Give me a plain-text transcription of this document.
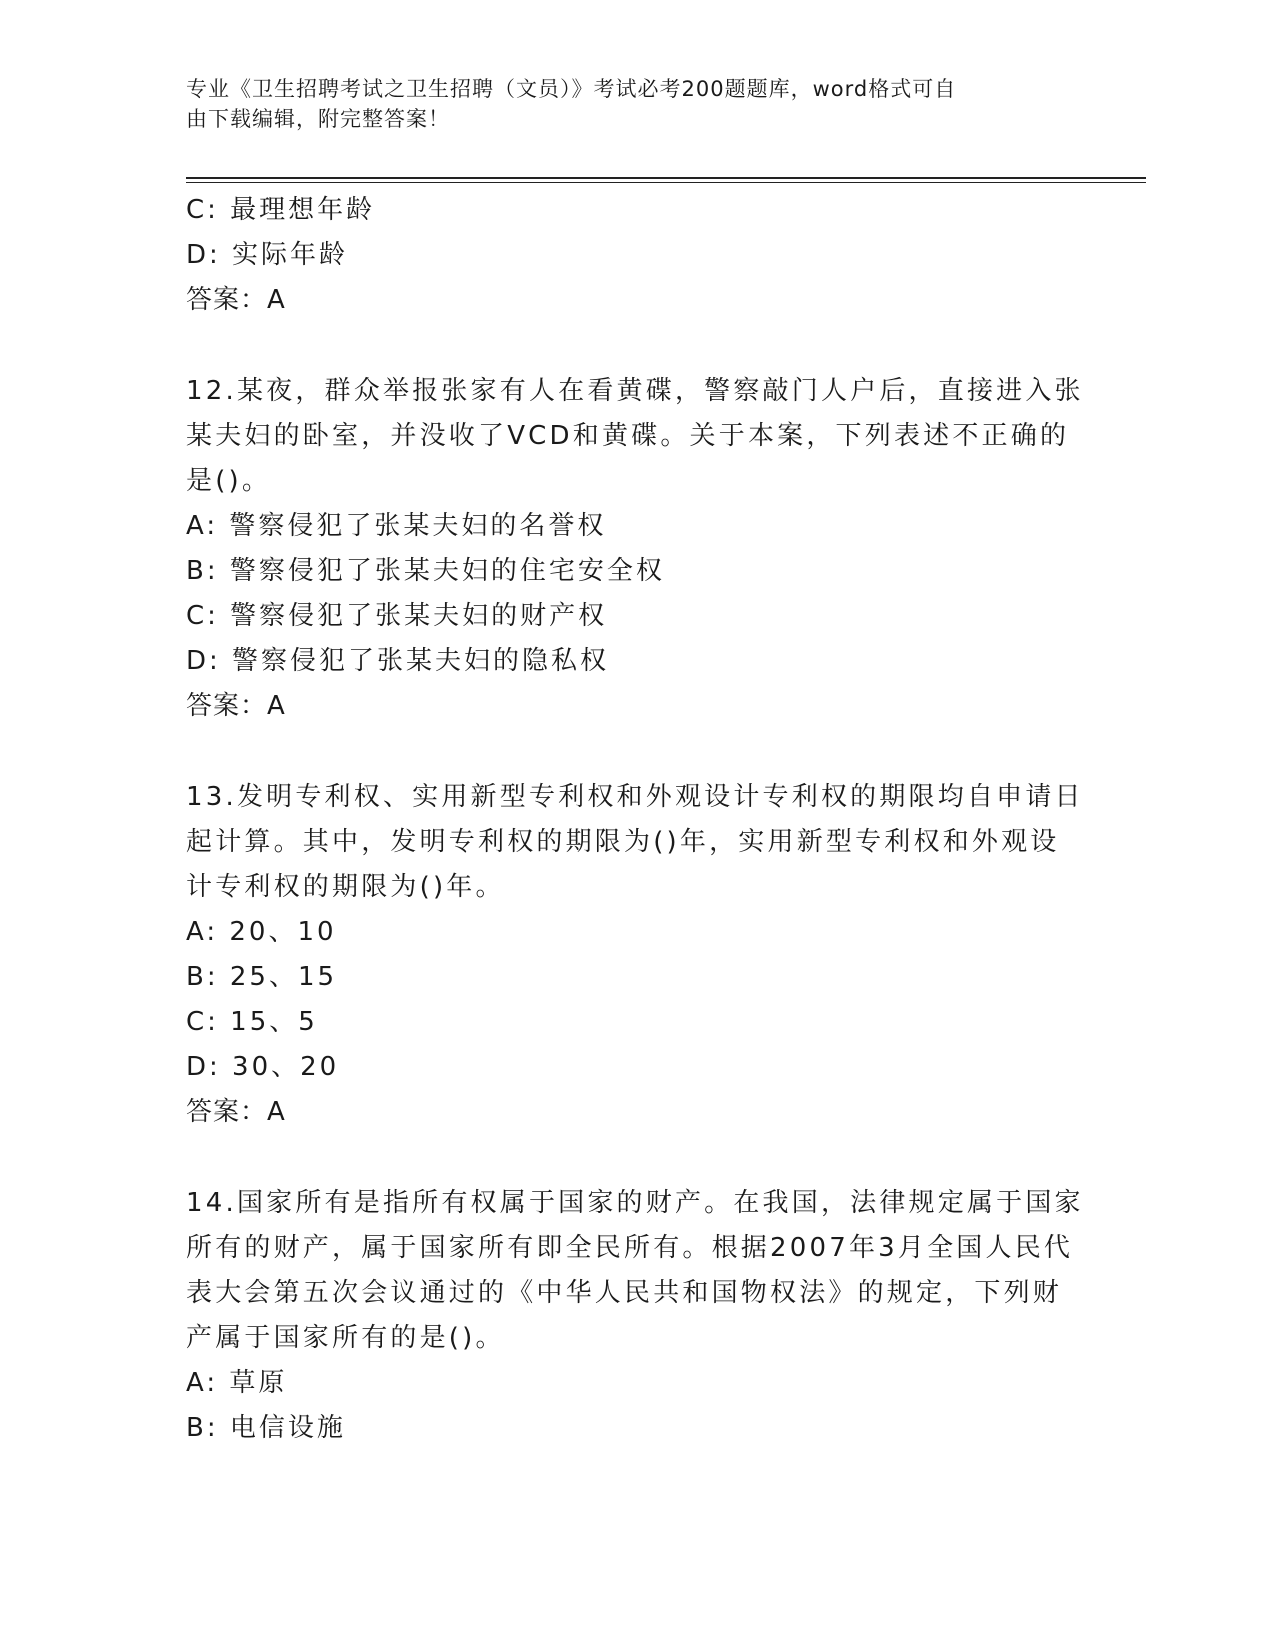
专业《卫生招聘考试之卫生招聘（文员）》考试必考200题题库，word格式可自
由下载编辑，附完整答案！
C: 最理想年龄
D: 实际年龄
答案：A
12.某夜，群众举报张家有人在看黄碟，警察敲门人户后，直接进入张
某夫妇的卧室，并没收了VCD和黄碟。关于本案，下列表述不正确的
是()。
A: 警察侵犯了张某夫妇的名誉权
B: 警察侵犯了张某夫妇的住宅安全权
C: 警察侵犯了张某夫妇的财产权
D: 警察侵犯了张某夫妇的隐私权
答案：A
13.发明专利权、实用新型专利权和外观设计专利权的期限均自申请日
起计算。其中，发明专利权的期限为()年，实用新型专利权和外观设
计专利权的期限为()年。
A: 20、10
B: 25、15
C: 15、5
D: 30、20
答案：A
14.国家所有是指所有权属于国家的财产。在我国，法律规定属于国家
所有的财产，属于国家所有即全民所有。根据2007年3月全国人民代
表大会第五次会议通过的《中华人民共和国物权法》的规定，下列财
产属于国家所有的是()。
A: 草原
B: 电信设施
